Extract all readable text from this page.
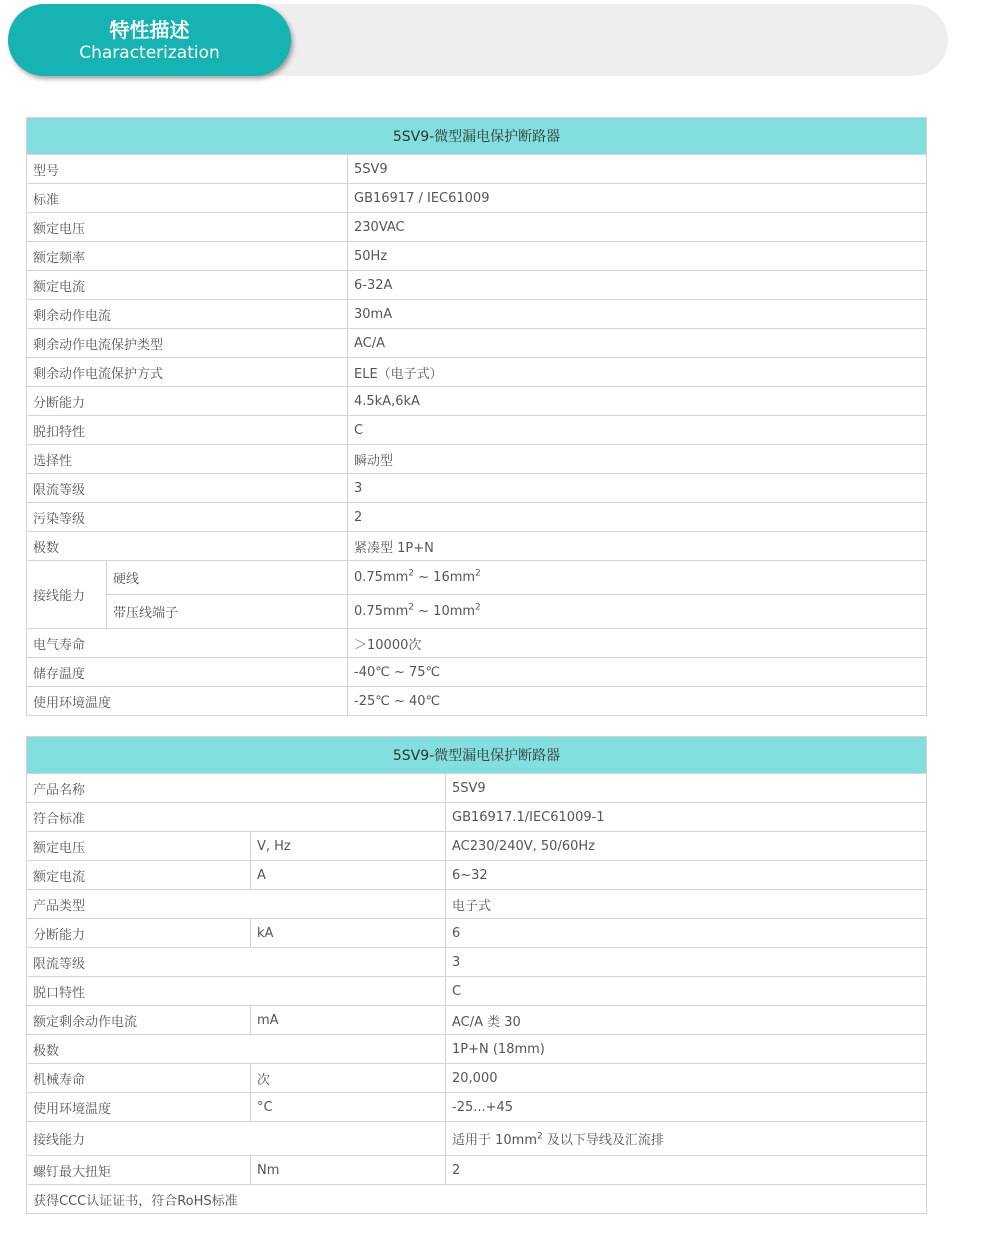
特性描述
Characterization
5SV9-微型漏电保护断路器		
型号		5SV9
标准		GB16917 / IEC61009
额定电压		230VAC
额定频率		50Hz
额定电流		6-32A
剩余动作电流		30mA
剩余动作电流保护类型		AC/A
剩余动作电流保护方式		ELE（电子式）
分断能力		4.5kA,6kA
脱扣特性		C
选择性		瞬动型
限流等级		3
污染等级		2
极数		紧凑型 1P+N
接线能力	硬线	$0.75mm^2$ ~ $16mm^2$
	带压线端子	$0.75mm^2$ ~ $10mm^2$
电气寿命		＞10000次
储存温度		-40℃ ~ 75℃
使用环境温度		-25℃ ~ 40℃
5SV9-微型漏电保护断路器		
产品名称		5SV9
符合标准		GB16917.1/IEC61009-1
额定电压	V, Hz	AC230/240V, 50/60Hz
额定电流	A	6~32
产品类型		电子式
分断能力	kA	6
限流等级		3
脱口特性		C
额定剩余动作电流	mA	AC/A 类 30
极数		1P+N (18mm)
机械寿命	次	20,000
使用环境温度	°C	-25...+45
接线能力		适用于 $10mm^2$ 及以下导线及汇流排
螺钉最大扭矩	Nm	2
获得CCC认证证书，符合RoHS标准		
